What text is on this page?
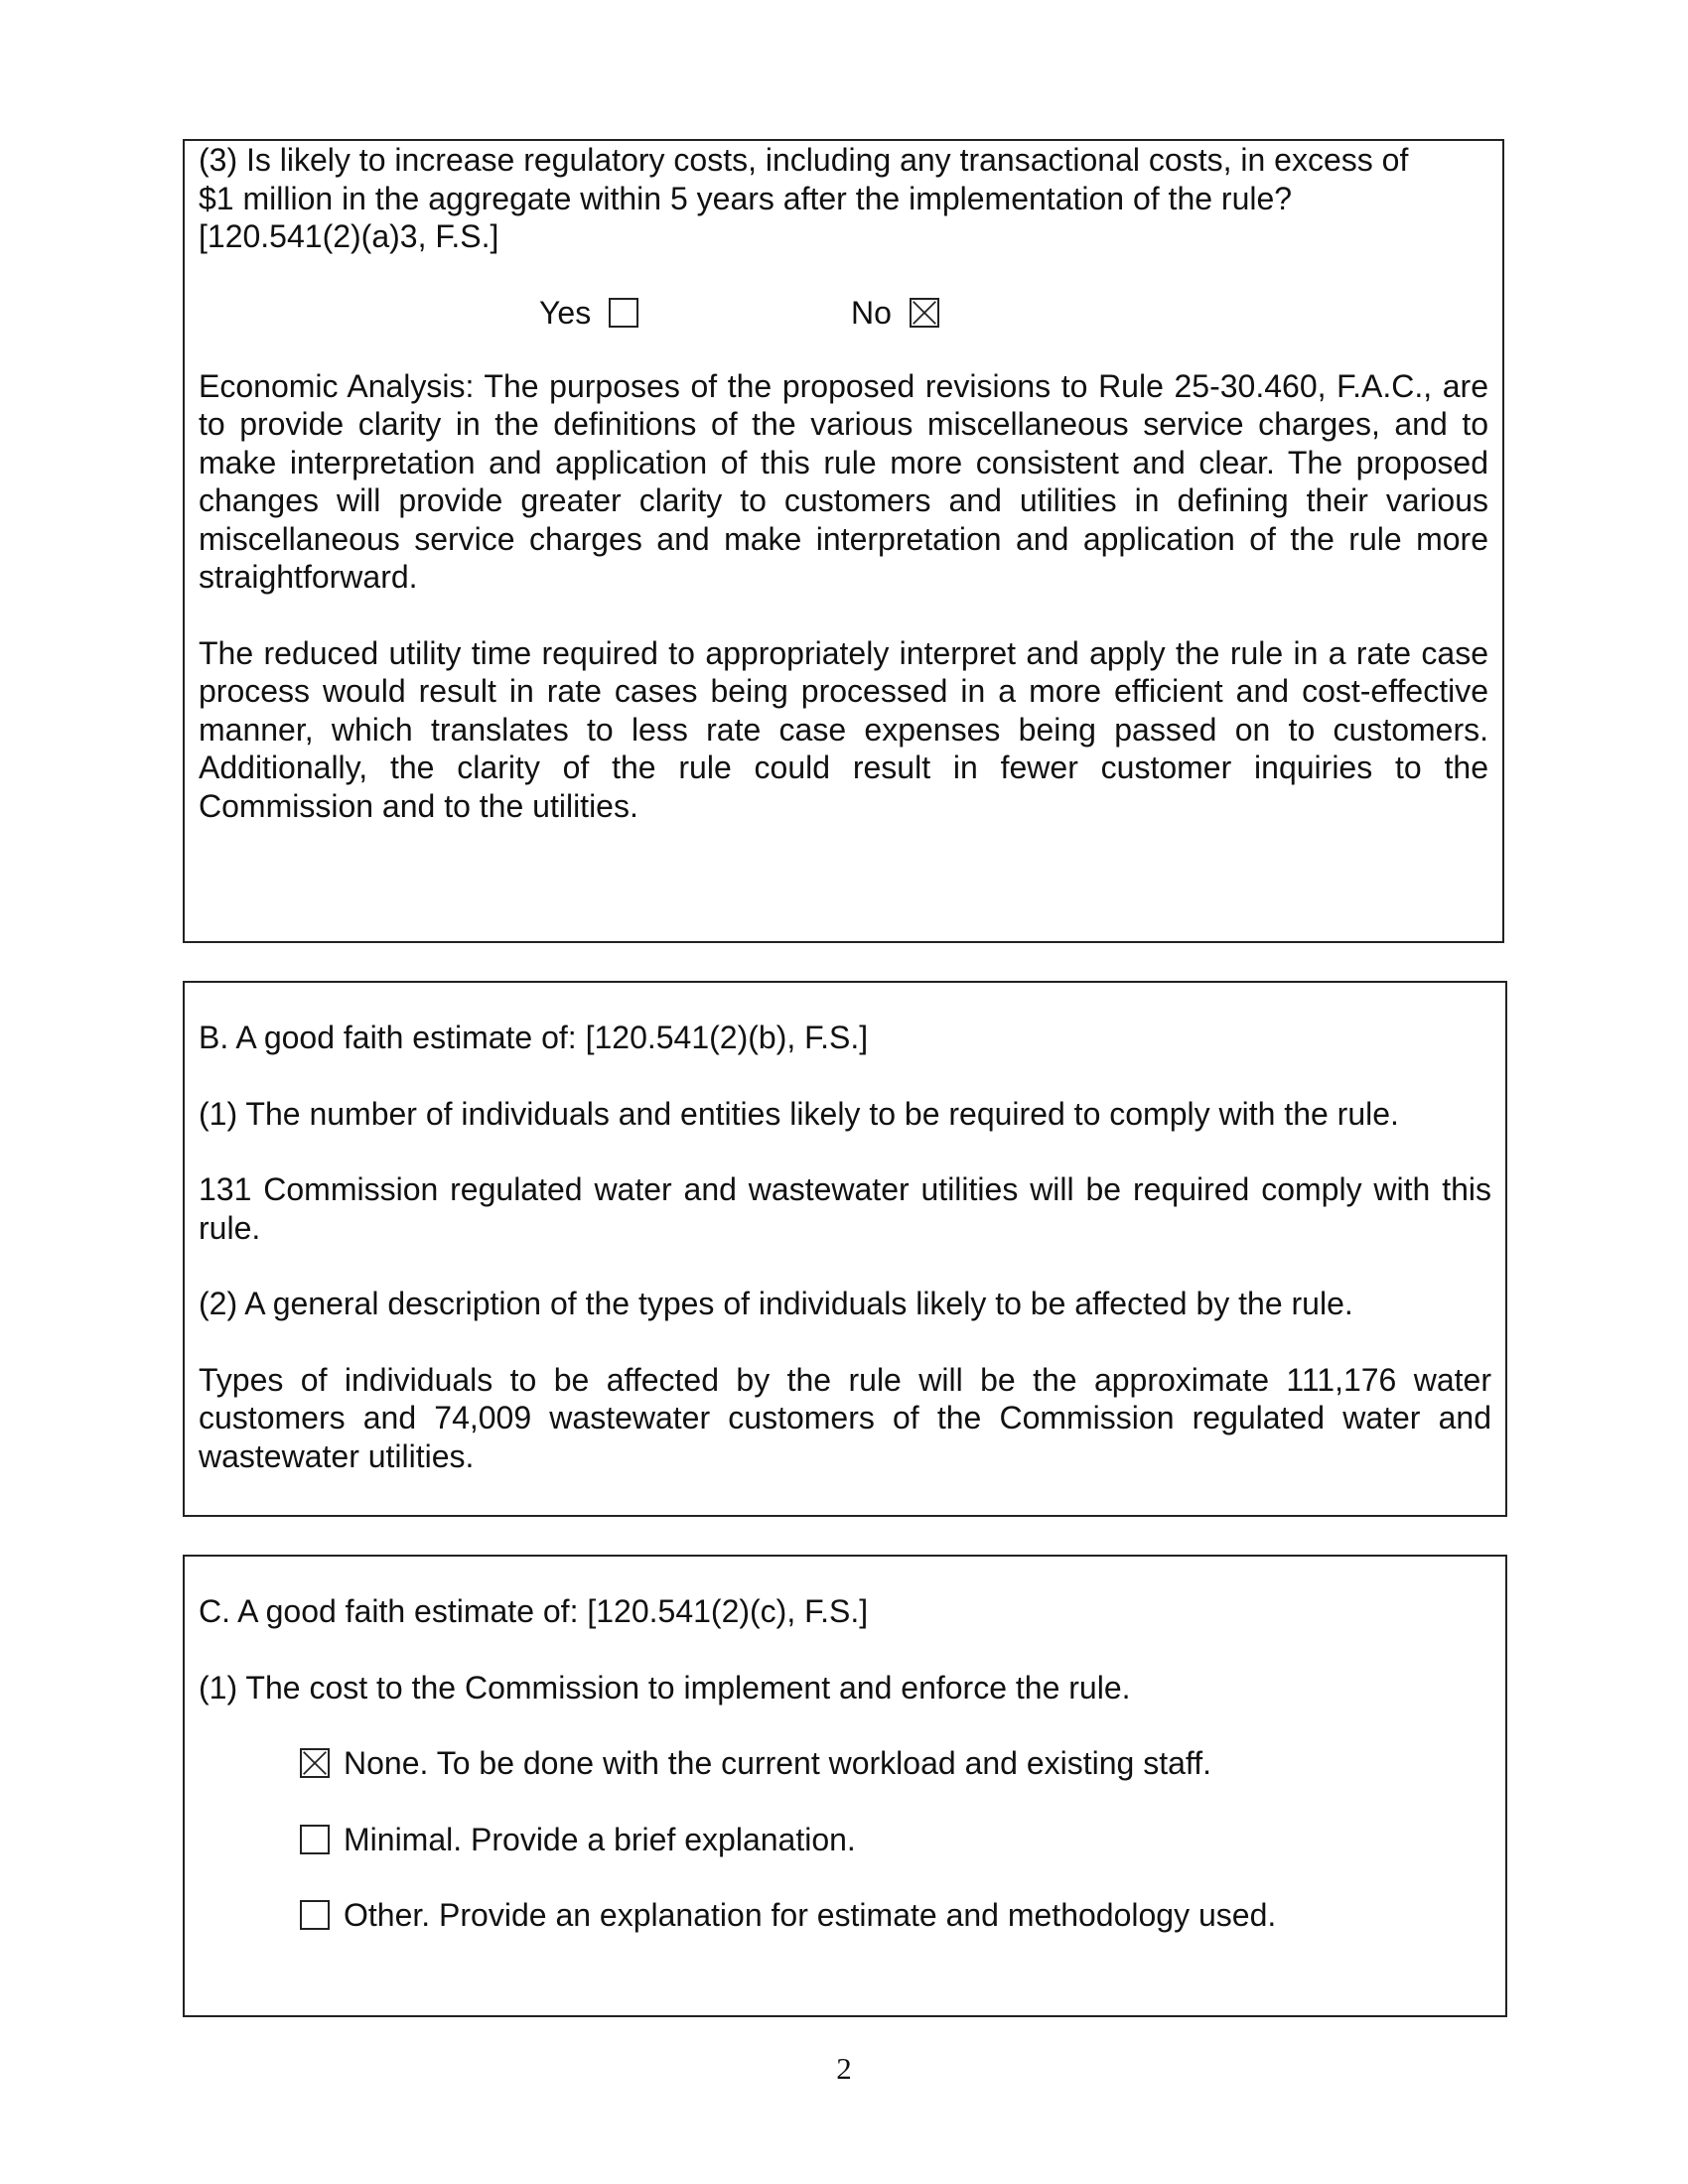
(3) Is likely to increase regulatory costs, including any transactional costs, in excess of $1 million in the aggregate within 5 years after the implementation of the rule? [120.541(2)(a)3, F.S.]

Yes	No

Economic Analysis: The purposes of the proposed revisions to Rule 25-30.460, F.A.C., are to provide clarity in the definitions of the various miscellaneous service charges, and to make interpretation and application of this rule more consistent and clear. The proposed changes will provide greater clarity to customers and utilities in defining their various miscellaneous service charges and make interpretation and application of the rule more straightforward.

The reduced utility time required to appropriately interpret and apply the rule in a rate case process would result in rate cases being processed in a more efficient and cost-effective manner, which translates to less rate case expenses being passed on to customers. Additionally, the clarity of the rule could result in fewer customer inquiries to the Commission and to the utilities.

B. A good faith estimate of: [120.541(2)(b), F.S.]

(1) The number of individuals and entities likely to be required to comply with the rule.

131 Commission regulated water and wastewater utilities will be required comply with this rule.

(2) A general description of the types of individuals likely to be affected by the rule.

Types of individuals to be affected by the rule will be the approximate 111,176 water customers and 74,009 wastewater customers of the Commission regulated water and wastewater utilities.

C. A good faith estimate of: [120.541(2)(c), F.S.]

(1) The cost to the Commission to implement and enforce the rule.

None. To be done with the current workload and existing staff.
Minimal. Provide a brief explanation.
Other. Provide an explanation for estimate and methodology used.
2
